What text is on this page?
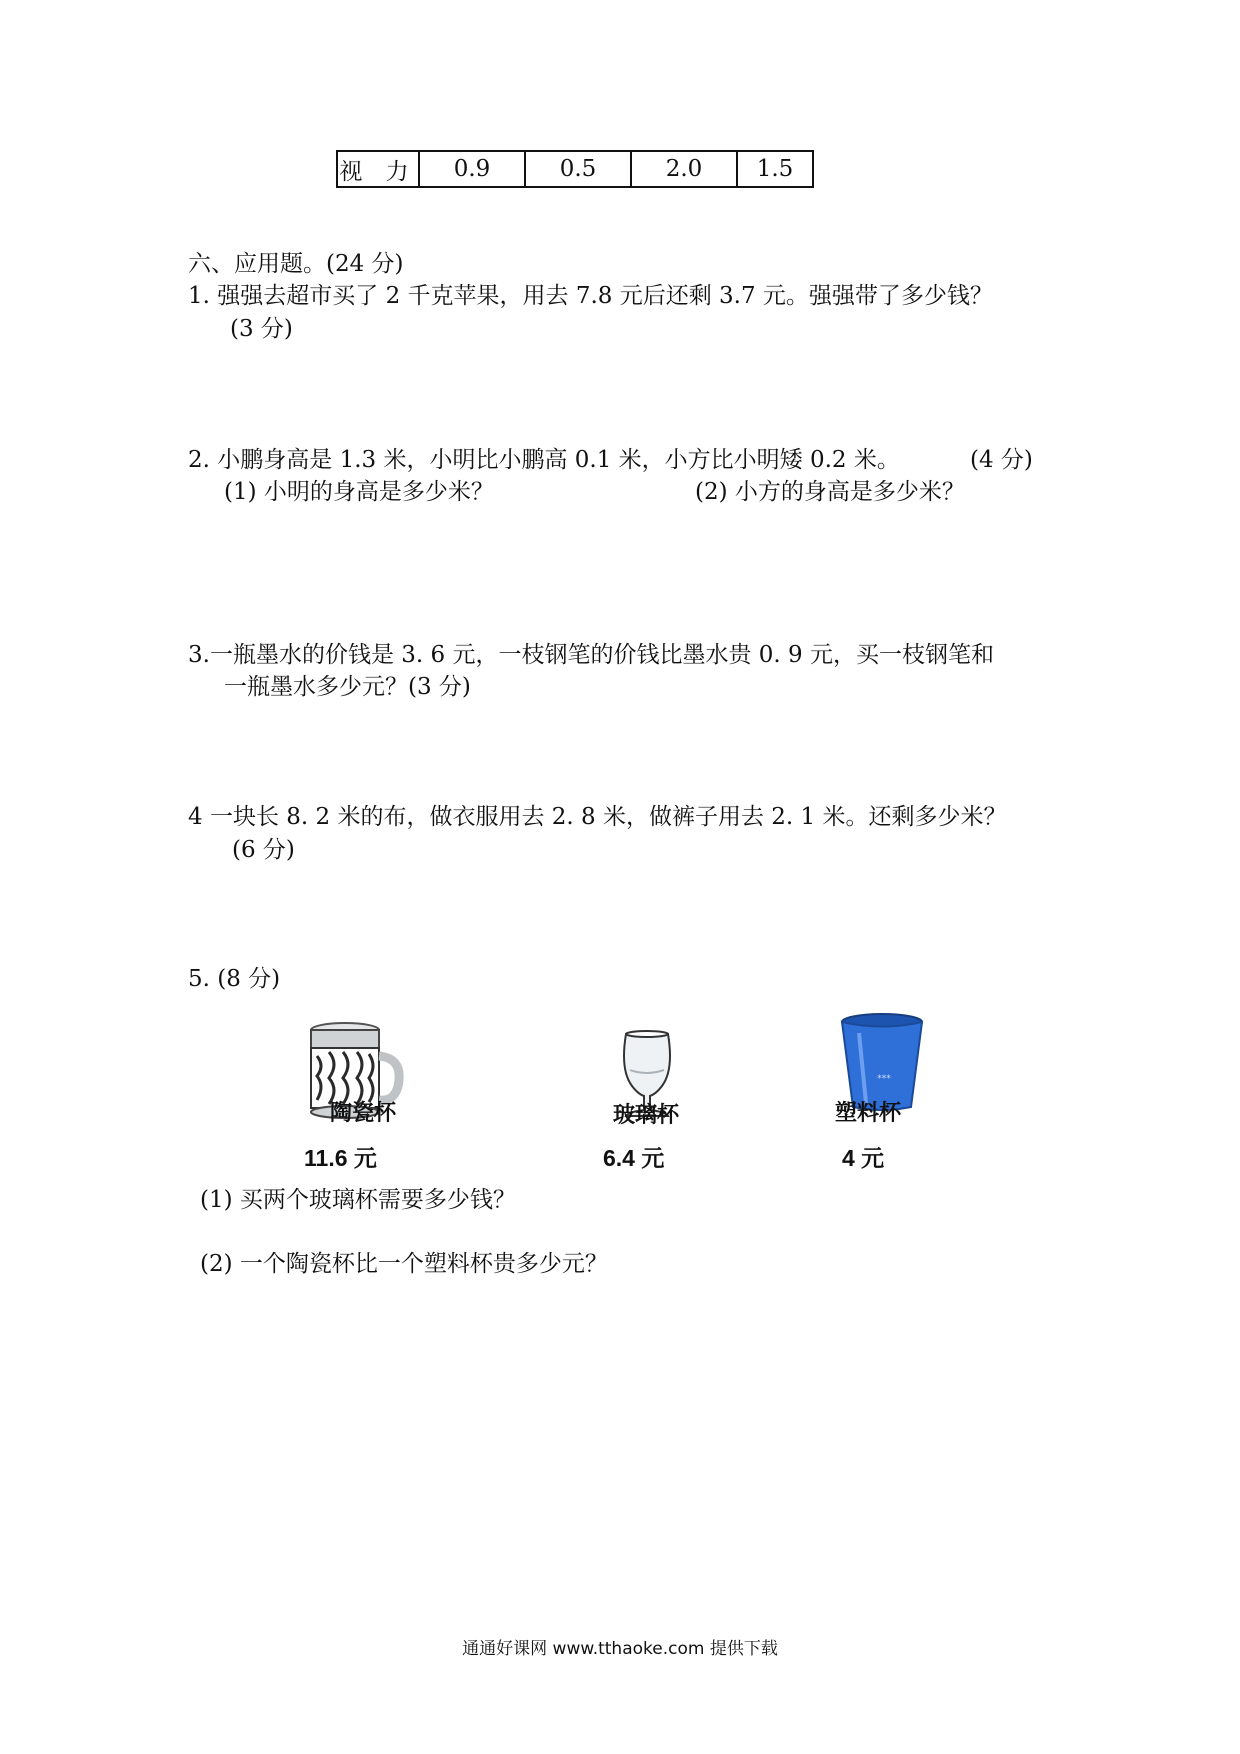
视 力	0.9	0.5	2.0	1.5
六、应用题。(24 分)
1. 强强去超市买了 2 千克苹果，用去 7.8 元后还剩 3.7 元。强强带了多少钱？
(3 分)
2. 小鹏身高是 1.3 米，小明比小鹏高 0.1 米，小方比小明矮 0.2 米。	(4 分)
(1) 小明的身高是多少米？	(2) 小方的身高是多少米？
3.一瓶墨水的价钱是 3. 6 元，一枝钢笔的价钱比墨水贵 0. 9 元，买一枝钢笔和
一瓶墨水多少元？(3 分)
4 一块长 8. 2 米的布，做衣服用去 2. 8 米，做裤子用去 2. 1 米。还剩多少米？
(6 分)
5. (8 分)
陶瓷杯
11.6 元
玻璃杯
6.4 元
***
塑料杯
4 元
(1) 买两个玻璃杯需要多少钱？
(2) 一个陶瓷杯比一个塑料杯贵多少元？
通通好课网 www.tthaoke.com 提供下载
